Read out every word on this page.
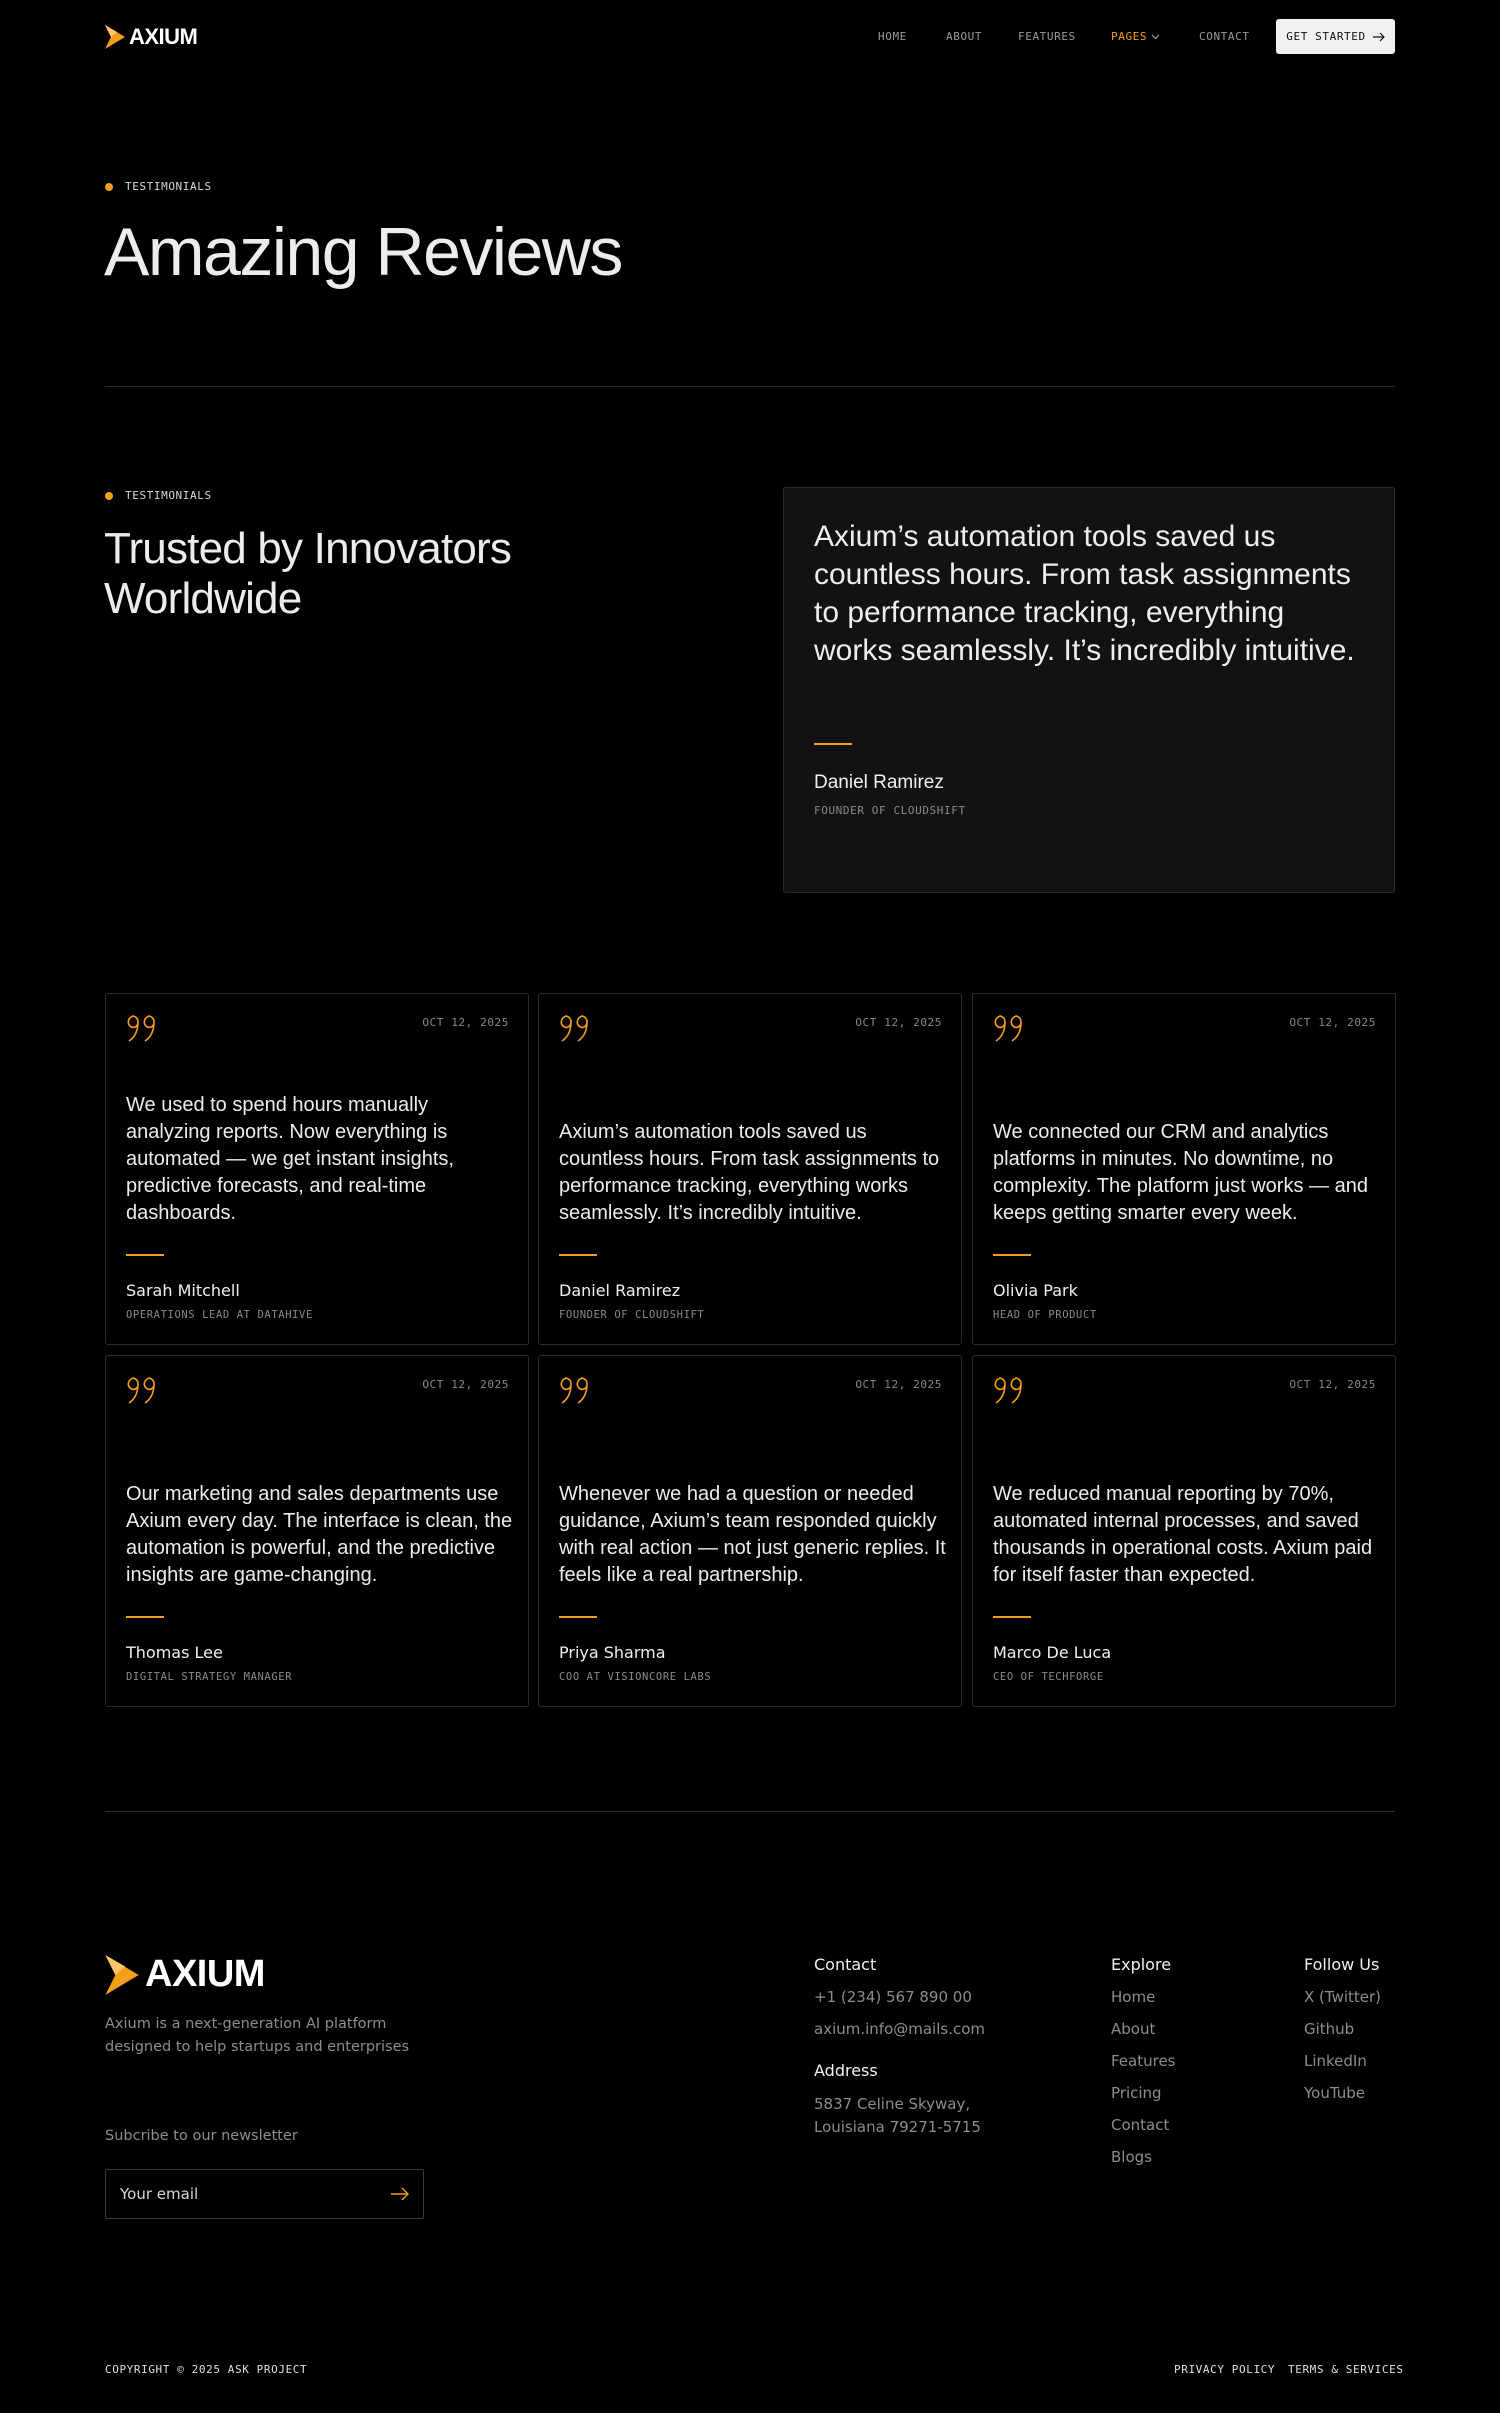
AXIUM	HOME	ABOUT	FEATURES	PAGES	CONTACT	GET STARTED
TESTIMONIALS
Amazing Reviews
TESTIMONIALS
Trusted by Innovators
Worldwide
Axium’s automation tools saved us countless hours. From task assignments to performance tracking, everything works seamlessly. It’s incredibly intuitive.
Daniel Ramirez
FOUNDER OF CLOUDSHIFT
OCT 12, 2025
We used to spend hours manually analyzing reports. Now everything is automated — we get instant insights, predictive forecasts, and real-time dashboards.
Sarah Mitchell
OPERATIONS LEAD AT DATAHIVE
OCT 12, 2025
Axium’s automation tools saved us countless hours. From task assignments to performance tracking, everything works seamlessly. It’s incredibly intuitive.
Daniel Ramirez
FOUNDER OF CLOUDSHIFT
OCT 12, 2025
We connected our CRM and analytics platforms in minutes. No downtime, no complexity. The platform just works — and keeps getting smarter every week.
Olivia Park
HEAD OF PRODUCT
OCT 12, 2025
Our marketing and sales departments use Axium every day. The interface is clean, the automation is powerful, and the predictive insights are game-changing.
Thomas Lee
DIGITAL STRATEGY MANAGER
OCT 12, 2025
Whenever we had a question or needed guidance, Axium’s team responded quickly with real action — not just generic replies. It feels like a real partnership.
Priya Sharma
COO AT VISIONCORE LABS
OCT 12, 2025
We reduced manual reporting by 70%, automated internal processes, and saved thousands in operational costs. Axium paid for itself faster than expected.
Marco De Luca
CEO OF TECHFORGE
AXIUM
Axium is a next-generation AI platform
designed to help startups and enterprises
Subcribe to our newsletter
Your email
Contact
+1 (234) 567 890 00
axium.info@mails.com
Address
5837 Celine Skyway,
Louisiana 79271-5715
Explore
Home
About
Features
Pricing
Contact
Blogs
Follow Us
X (Twitter)
Github
LinkedIn
YouTube
COPYRIGHT © 2025 ASK PROJECT	PRIVACY POLICY TERMS & SERVICES
